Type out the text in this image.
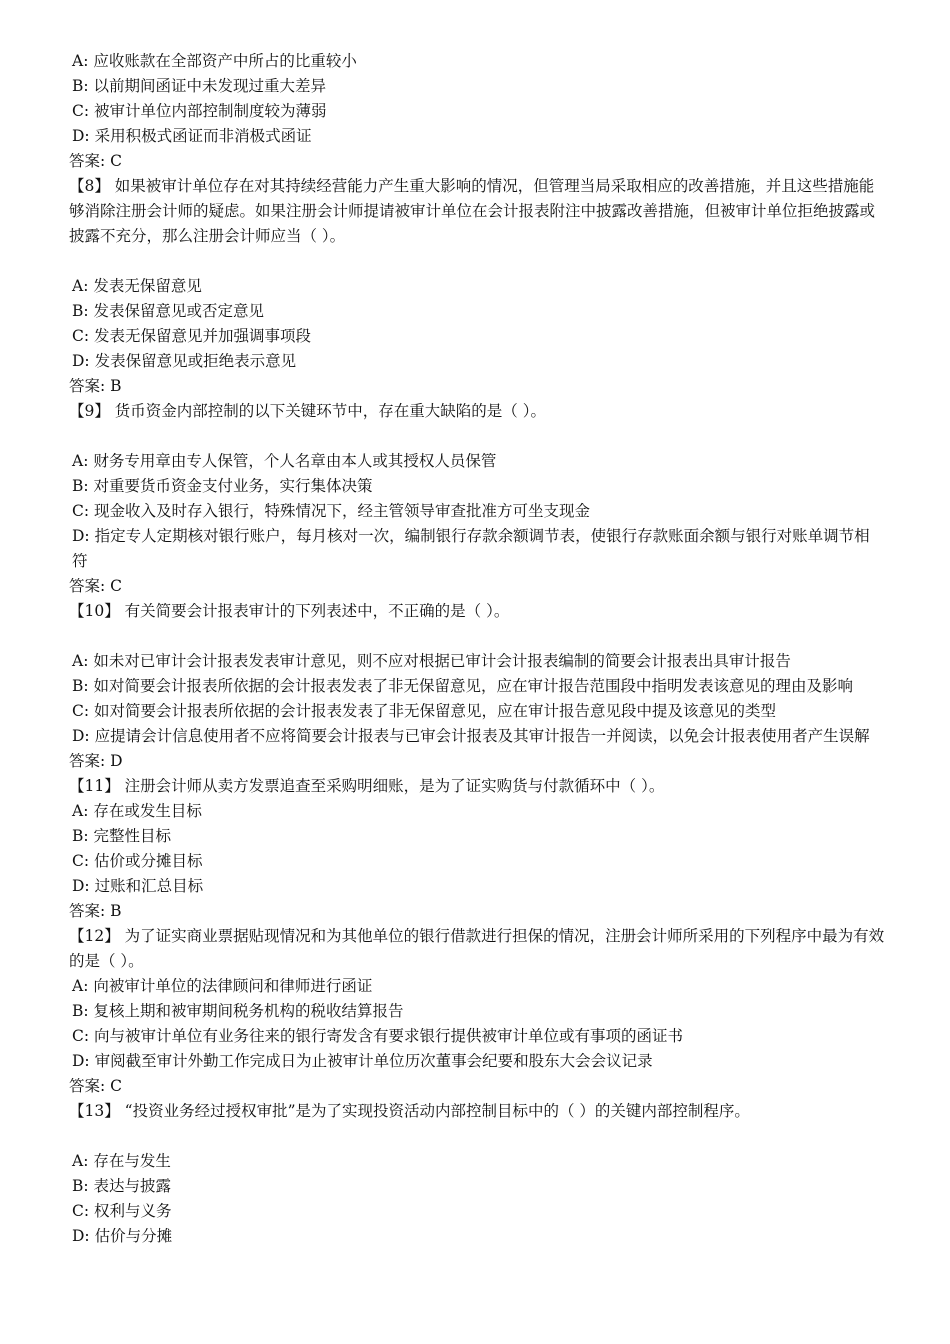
A: 应收账款在全部资产中所占的比重较小

B: 以前期间函证中未发现过重大差异

C: 被审计单位内部控制制度较为薄弱

D: 采用积极式函证而非消极式函证

答案: C

【8】 如果被审计单位存在对其持续经营能力产生重大影响的情况，但管理当局采取相应的改善措施，并且这些措施能够消除注册会计师的疑虑。如果注册会计师提请被审计单位在会计报表附注中披露改善措施，但被审计单位拒绝披露或披露不充分，那么注册会计师应当（ ）。

A: 发表无保留意见

B: 发表保留意见或否定意见

C: 发表无保留意见并加强调事项段

D: 发表保留意见或拒绝表示意见

答案: B

【9】 货币资金内部控制的以下关键环节中，存在重大缺陷的是（ ）。

A: 财务专用章由专人保管，个人名章由本人或其授权人员保管

B: 对重要货币资金支付业务，实行集体决策

C: 现金收入及时存入银行，特殊情况下，经主管领导审查批准方可坐支现金

D: 指定专人定期核对银行账户，每月核对一次，编制银行存款余额调节表，使银行存款账面余额与银行对账单调节相符

答案: C

【10】 有关简要会计报表审计的下列表述中，不正确的是（ ）。

A: 如未对已审计会计报表发表审计意见，则不应对根据已审计会计报表编制的简要会计报表出具审计报告

B: 如对简要会计报表所依据的会计报表发表了非无保留意见，应在审计报告范围段中指明发表该意见的理由及影响

C: 如对简要会计报表所依据的会计报表发表了非无保留意见，应在审计报告意见段中提及该意见的类型

D: 应提请会计信息使用者不应将简要会计报表与已审会计报表及其审计报告一并阅读，以免会计报表使用者产生误解

答案: D

【11】 注册会计师从卖方发票追查至采购明细账，是为了证实购货与付款循环中（ ）。

A: 存在或发生目标

B: 完整性目标

C: 估价或分摊目标

D: 过账和汇总目标

答案: B

【12】 为了证实商业票据贴现情况和为其他单位的银行借款进行担保的情况，注册会计师所采用的下列程序中最为有效的是（ ）。

A: 向被审计单位的法律顾问和律师进行函证

B: 复核上期和被审期间税务机构的税收结算报告

C: 向与被审计单位有业务往来的银行寄发含有要求银行提供被审计单位或有事项的函证书

D: 审阅截至审计外勤工作完成日为止被审计单位历次董事会纪要和股东大会会议记录

答案: C

【13】 “投资业务经过授权审批”是为了实现投资活动内部控制目标中的（ ）的关键内部控制程序。

A: 存在与发生

B: 表达与披露

C: 权利与义务

D: 估价与分摊
